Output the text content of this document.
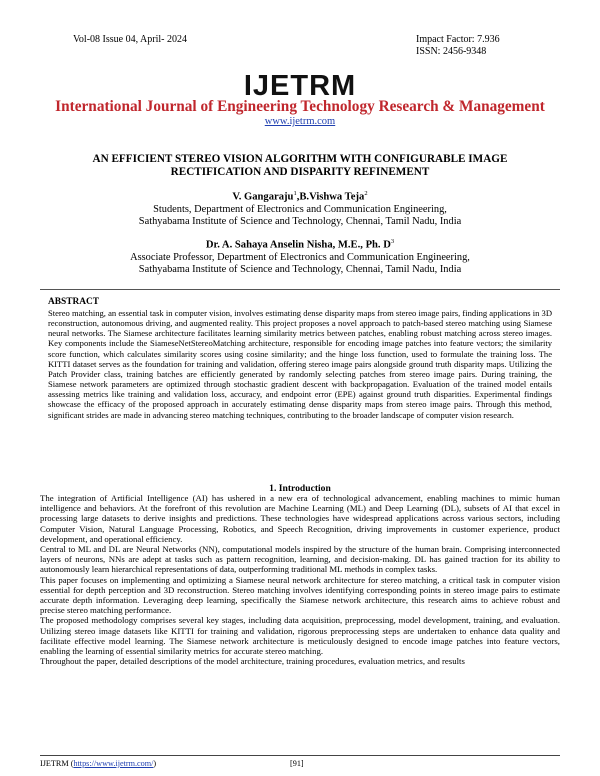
Vol-08 Issue 04, April- 2024	Impact Factor: 7.936
ISSN: 2456-9348
IJETRM
International Journal of Engineering Technology Research & Management
www.ijetrm.com
AN EFFICIENT STEREO VISION ALGORITHM WITH CONFIGURABLE IMAGE
RECTIFICATION AND DISPARITY REFINEMENT
V. Gangaraju$^1$,B.Vishwa Teja$^2$
Students, Department of Electronics and Communication Engineering,
Sathyabama Institute of Science and Technology, Chennai, Tamil Nadu, India
Dr. A. Sahaya Anselin Nisha, M.E., Ph. $D^3$
Associate Professor, Department of Electronics and Communication Engineering,
Sathyabama Institute of Science and Technology, Chennai, Tamil Nadu, India
ABSTRACT
Stereo matching, an essential task in computer vision, involves estimating dense disparity maps from stereo image pairs, finding applications in 3D reconstruction, autonomous driving, and augmented reality. This project proposes a novel approach to patch-based stereo matching using Siamese neural networks. The Siamese architecture facilitates learning similarity metrics between patches, enabling robust matching across stereo images. Key components include the SiameseNetStereoMatching architecture, responsible for encoding image patches into feature vectors; the similarity score function, which calculates similarity scores using cosine similarity; and the hinge loss function, used to formulate the training loss. The KITTI dataset serves as the foundation for training and validation, offering stereo image pairs alongside ground truth disparity maps. Utilizing the Patch Provider class, training batches are efficiently generated by randomly selecting patches from stereo image pairs. During training, the Siamese network parameters are optimized through stochastic gradient descent with backpropagation. Evaluation of the trained model entails assessing metrics like training and validation loss, accuracy, and endpoint error (EPE) against ground truth disparities. Experimental findings showcase the efficacy of the proposed approach in accurately estimating dense disparity maps from stereo image pairs. Through this method, significant strides are made in advancing stereo matching techniques, contributing to the broader landscape of computer vision research.
1. Introduction

The integration of Artificial Intelligence (AI) has ushered in a new era of technological advancement, enabling machines to mimic human intelligence and behaviors. At the forefront of this revolution are Machine Learning (ML) and Deep Learning (DL), subsets of AI that excel in processing large datasets to derive insights and predictions. These technologies have widespread applications across various sectors, including Computer Vision, Natural Language Processing, Robotics, and Speech Recognition, driving improvements in customer experience, product development, and operational efficiency.

Central to ML and DL are Neural Networks (NN), computational models inspired by the structure of the human brain. Comprising interconnected layers of neurons, NNs are adept at tasks such as pattern recognition, learning, and decision-making. DL has gained traction for its ability to autonomously learn hierarchical representations of data, outperforming traditional ML methods in complex tasks.

This paper focuses on implementing and optimizing a Siamese neural network architecture for stereo matching, a critical task in computer vision essential for depth perception and 3D reconstruction. Stereo matching involves identifying corresponding points in stereo image pairs to estimate accurate depth information. Leveraging deep learning, specifically the Siamese network architecture, this research aims to achieve robust and precise stereo matching performance.

The proposed methodology comprises several key stages, including data acquisition, preprocessing, model development, training, and evaluation. Utilizing stereo image datasets like KITTI for training and validation, rigorous preprocessing steps are undertaken to enhance data quality and facilitate effective model learning. The Siamese network architecture is meticulously designed to encode image patches into feature vectors, enabling the learning of essential similarity metrics for accurate stereo matching.

Throughout the paper, detailed descriptions of the model architecture, training procedures, evaluation metrics, and results

IJETRM (https://www.ijetrm.com/)	[91]
